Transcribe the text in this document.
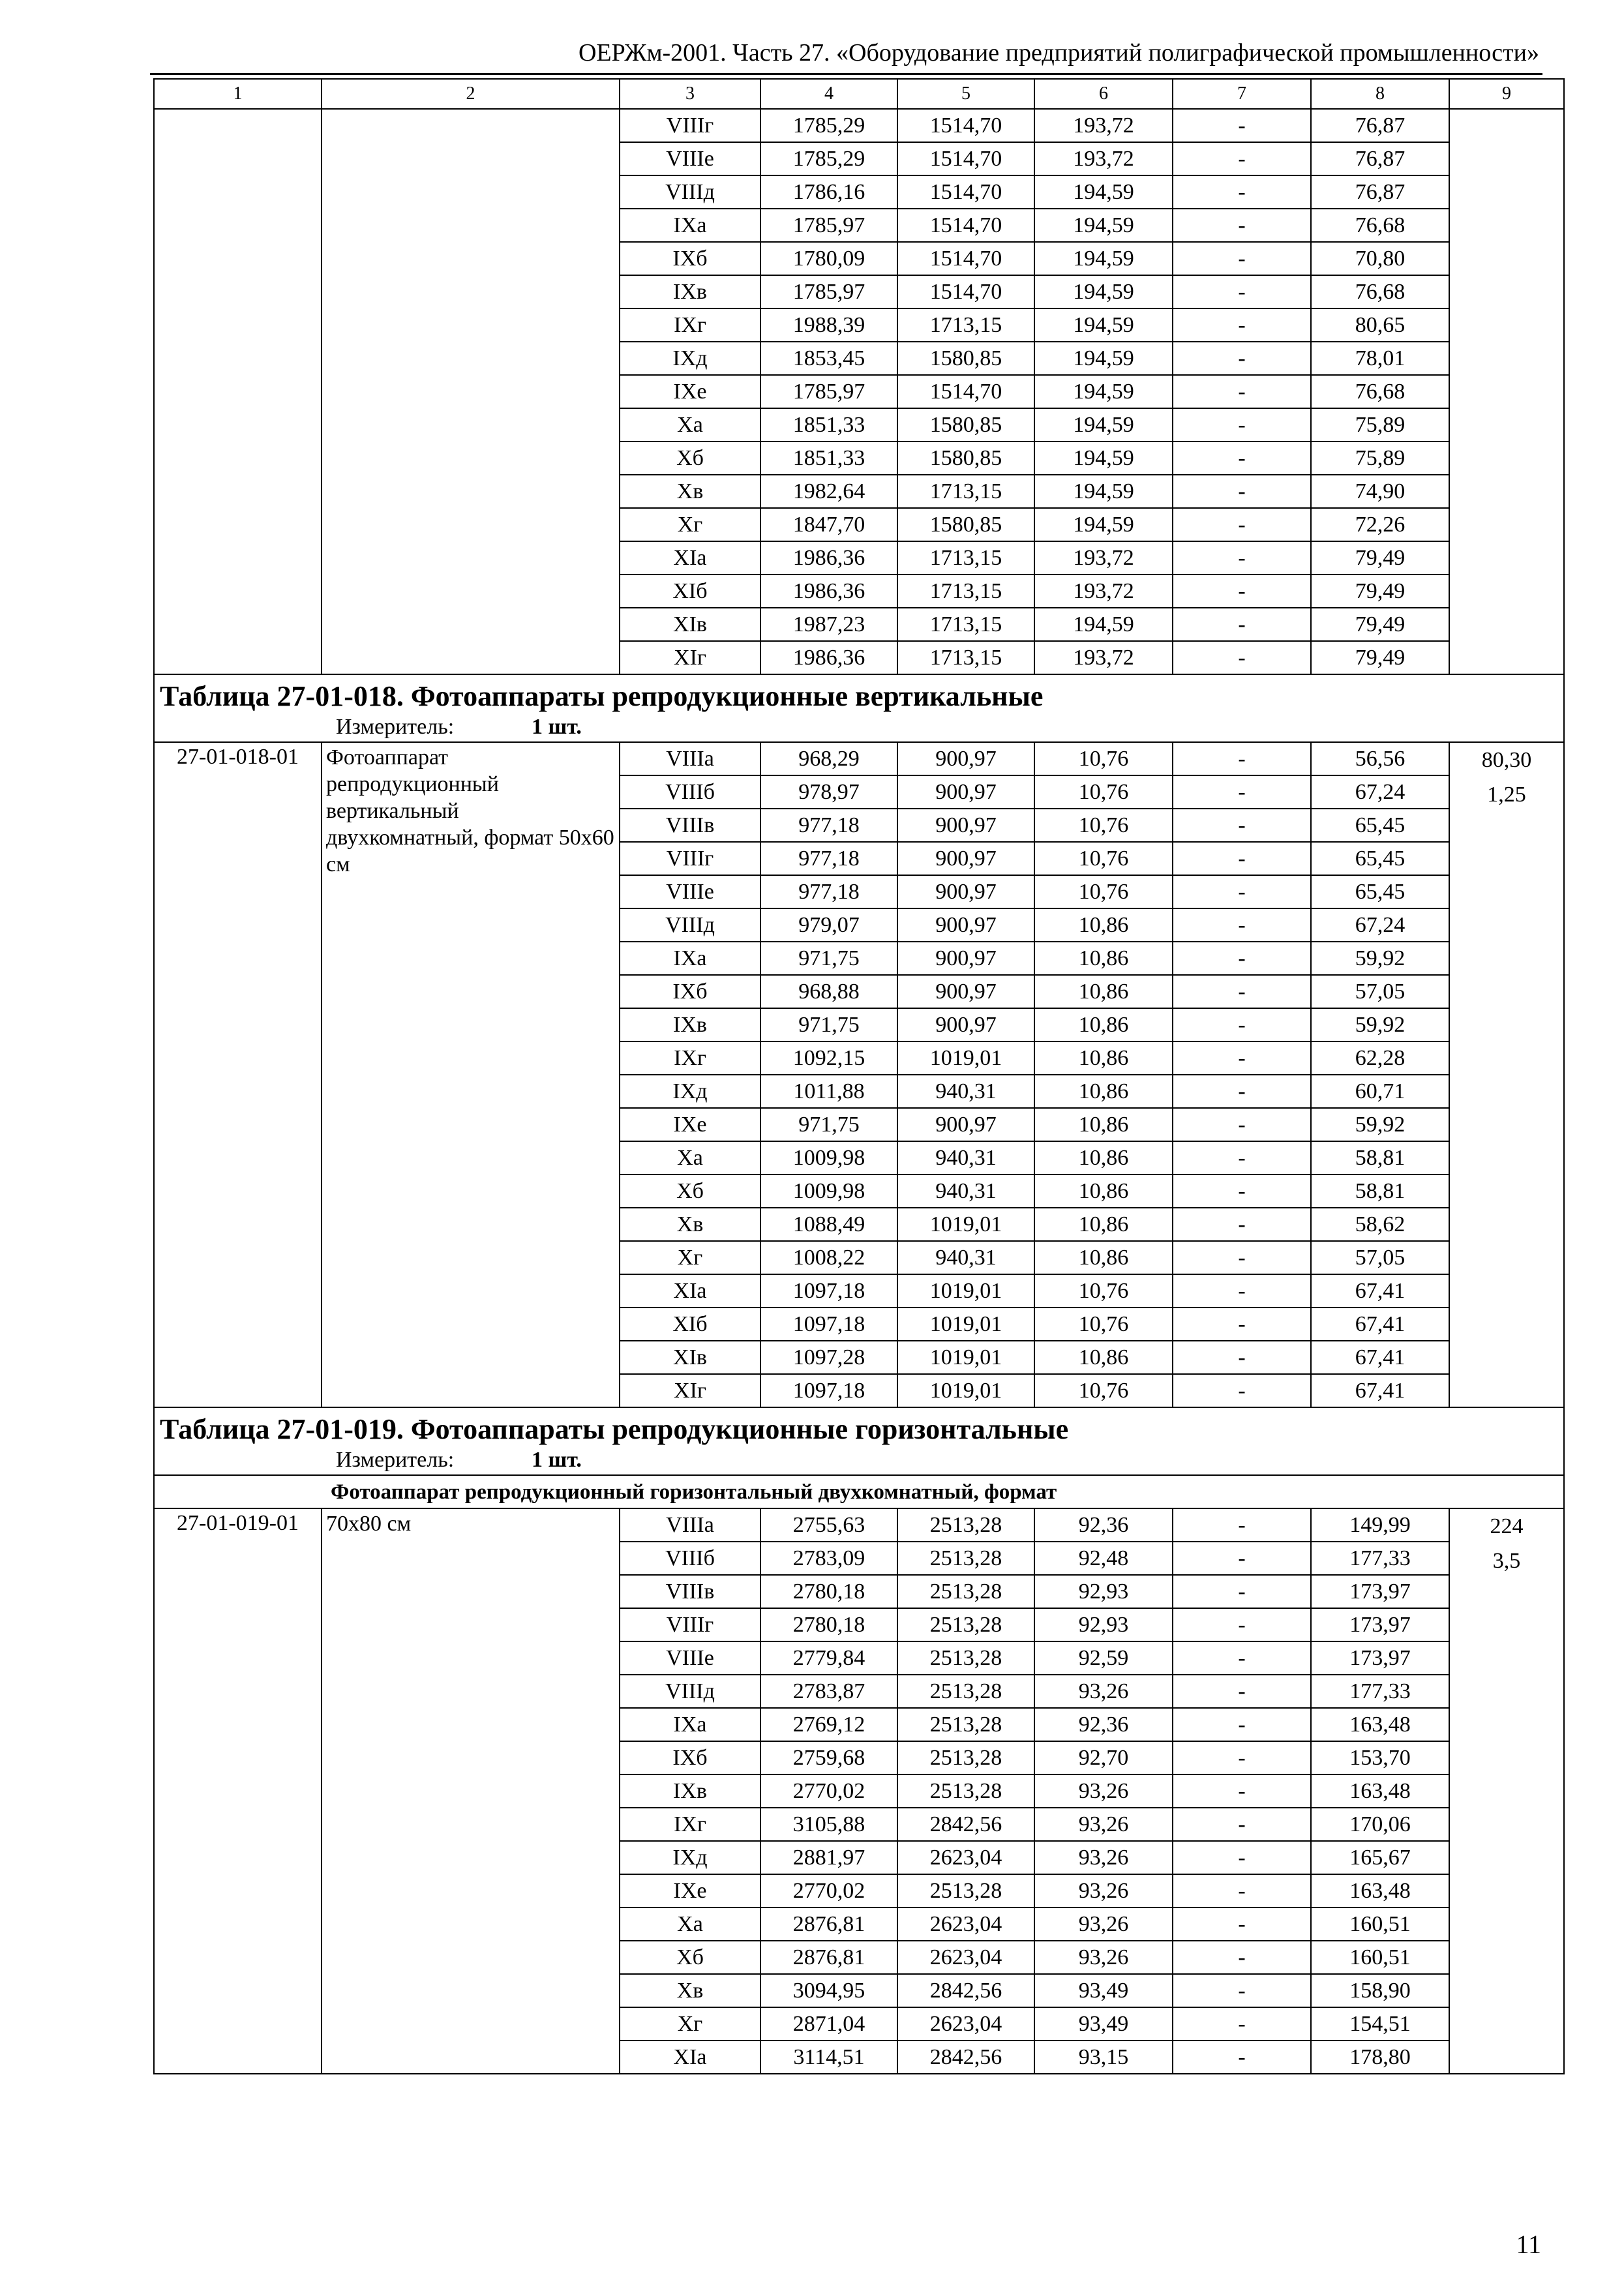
ОЕРЖм-2001. Часть 27. «Оборудование предприятий полиграфической промышленности»
1	2	3	4	5	6	7	8	9
		VIIIг	1785,29	1514,70	193,72	-	76,87	
		VIIIе	1785,29	1514,70	193,72	-	76,87	
		VIIIд	1786,16	1514,70	194,59	-	76,87	
		IXа	1785,97	1514,70	194,59	-	76,68	
		IXб	1780,09	1514,70	194,59	-	70,80	
		IXв	1785,97	1514,70	194,59	-	76,68	
		IXг	1988,39	1713,15	194,59	-	80,65	
		IXд	1853,45	1580,85	194,59	-	78,01	
		IXе	1785,97	1514,70	194,59	-	76,68	
		Xа	1851,33	1580,85	194,59	-	75,89	
		Xб	1851,33	1580,85	194,59	-	75,89	
		Xв	1982,64	1713,15	194,59	-	74,90	
		Xг	1847,70	1580,85	194,59	-	72,26	
		XIа	1986,36	1713,15	193,72	-	79,49	
		XIб	1986,36	1713,15	193,72	-	79,49	
		XIв	1987,23	1713,15	194,59	-	79,49	
		XIг	1986,36	1713,15	193,72	-	79,49	

Таблица 27-01-018. Фотоаппараты репродукционные вертикальные
Измеритель: 1 шт.								

27-01-018-01	Фотоаппарат репродукционный вертикальный двухкомнатный, формат 50х60 см	VIIIа	968,29	900,97	10,76	-	56,56	80,30
1,25

		VIIIб	978,97	900,97	10,76	-	67,24	
		VIIIв	977,18	900,97	10,76	-	65,45	
		VIIIг	977,18	900,97	10,76	-	65,45	
		VIIIе	977,18	900,97	10,76	-	65,45	
		VIIIд	979,07	900,97	10,86	-	67,24	
		IXа	971,75	900,97	10,86	-	59,92	
		IXб	968,88	900,97	10,86	-	57,05	
		IXв	971,75	900,97	10,86	-	59,92	
		IXг	1092,15	1019,01	10,86	-	62,28	
		IXд	1011,88	940,31	10,86	-	60,71	
		IXе	971,75	900,97	10,86	-	59,92	
		Xа	1009,98	940,31	10,86	-	58,81	
		Xб	1009,98	940,31	10,86	-	58,81	
		Xв	1088,49	1019,01	10,86	-	58,62	
		Xг	1008,22	940,31	10,86	-	57,05	
		XIа	1097,18	1019,01	10,76	-	67,41	
		XIб	1097,18	1019,01	10,76	-	67,41	
		XIв	1097,28	1019,01	10,86	-	67,41	
		XIг	1097,18	1019,01	10,76	-	67,41	

Таблица 27-01-019. Фотоаппараты репродукционные горизонтальные
Измеритель: 1 шт.								

Фотоаппарат репродукционный горизонтальный двухкомнатный, формат								
27-01-019-01	70х80 см	VIIIа	2755,63	2513,28	92,36	-	149,99	224
3,5

		VIIIб	2783,09	2513,28	92,48	-	177,33	
		VIIIв	2780,18	2513,28	92,93	-	173,97	
		VIIIг	2780,18	2513,28	92,93	-	173,97	
		VIIIе	2779,84	2513,28	92,59	-	173,97	
		VIIIд	2783,87	2513,28	93,26	-	177,33	
		IXа	2769,12	2513,28	92,36	-	163,48	
		IXб	2759,68	2513,28	92,70	-	153,70	
		IXв	2770,02	2513,28	93,26	-	163,48	
		IXг	3105,88	2842,56	93,26	-	170,06	
		IXд	2881,97	2623,04	93,26	-	165,67	
		IXе	2770,02	2513,28	93,26	-	163,48	
		Xа	2876,81	2623,04	93,26	-	160,51	
		Xб	2876,81	2623,04	93,26	-	160,51	
		Xв	3094,95	2842,56	93,49	-	158,90	
		Xг	2871,04	2623,04	93,49	-	154,51	
		XIа	3114,51	2842,56	93,15	-	178,80	
11
